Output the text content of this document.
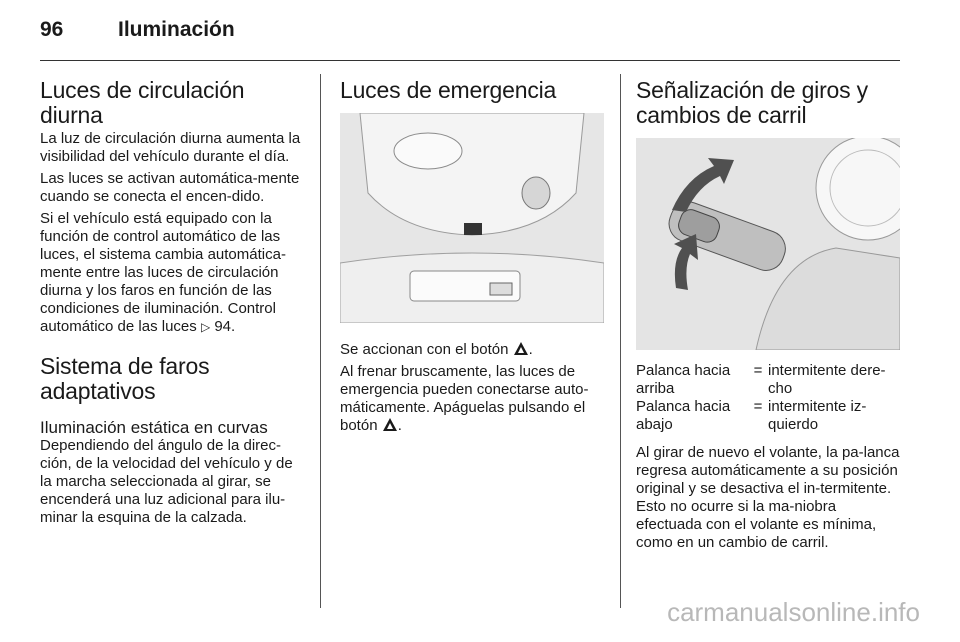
96	Iluminación
Luces de circulación diurna

La luz de circulación diurna aumenta la visibilidad del vehículo durante el día.

Las luces se activan automática-mente cuando se conecta el encen-dido.

Si el vehículo está equipado con la función de control automático de las luces, el sistema cambia automática-mente entre las luces de circulación diurna y los faros en función de las condiciones de iluminación. Control automático de las luces ▷ 94.

Sistema de faros adaptativos
Iluminación estática en curvas

Dependiendo del ángulo de la direc-ción, de la velocidad del vehículo y de la marcha seleccionada al girar, se encenderá una luz adicional para ilu-minar la esquina de la calzada.

Luces de emergencia

Se accionan con el botón .

Al frenar bruscamente, las luces de emergencia pueden conectarse auto-máticamente. Apáguelas pulsando el botón .

Señalización de giros y cambios de carril
Palanca hacia arriba
= intermitente dere-cho
Palanca hacia abajo
= intermitente iz-quierdo

Al girar de nuevo el volante, la pa-lanca regresa automáticamente a su posición original y se desactiva el in-termitente. Esto no ocurre si la ma-niobra efectuada con el volante es mínima, como en un cambio de carril.

carmanualsonline.info
